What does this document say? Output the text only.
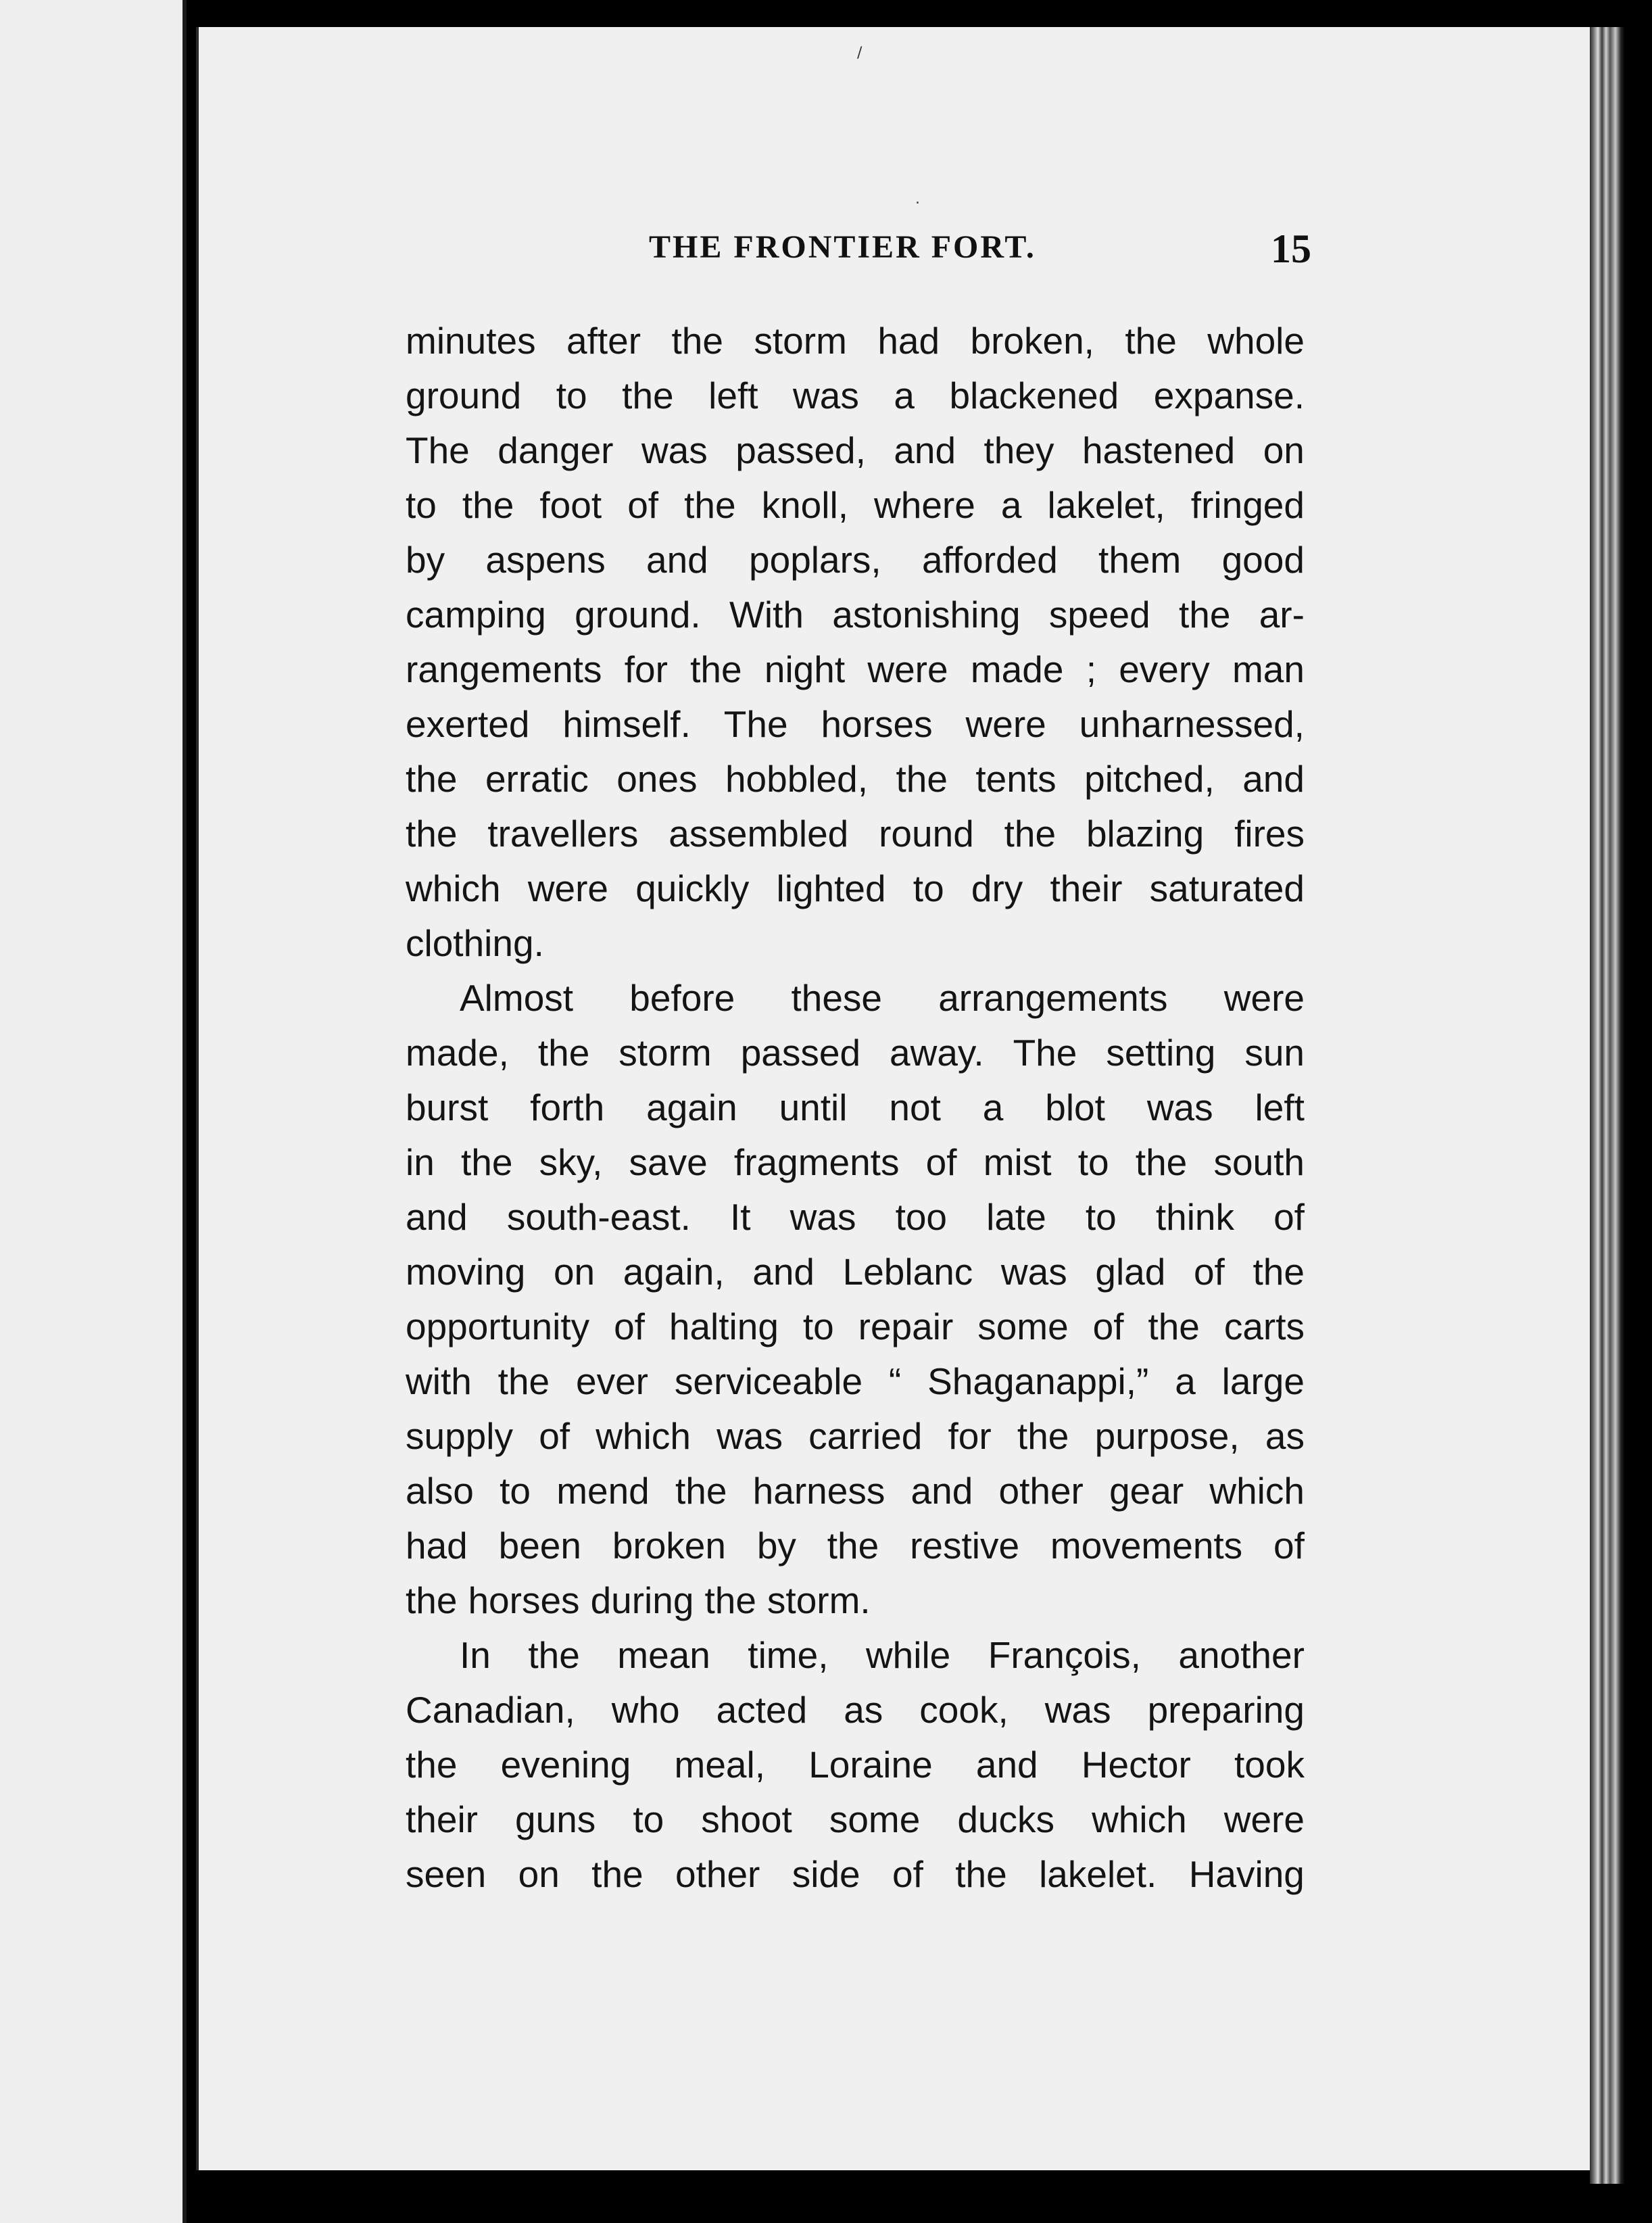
THE FRONTIER FORT.	15
minutes after the storm had broken, the whole
ground to the left was a blackened expanse.
The danger was passed, and they hastened on
to the foot of the knoll, where a lakelet, fringed
by aspens and poplars, afforded them good
camping ground. With astonishing speed the ar-
rangements for the night were made ; every man
exerted himself. The horses were unharnessed,
the erratic ones hobbled, the tents pitched, and
the travellers assembled round the blazing fires
which were quickly lighted to dry their saturated
clothing.
Almost before these arrangements were
made, the storm passed away. The setting sun
burst forth again until not a blot was left
in the sky, save fragments of mist to the south
and south-east. It was too late to think of
moving on again, and Leblanc was glad of the
opportunity of halting to repair some of the carts
with the ever serviceable “ Shaganappi,” a large
supply of which was carried for the purpose, as
also to mend the harness and other gear which
had been broken by the restive movements of
the horses during the storm.
In the mean time, while François, another
Canadian, who acted as cook, was preparing
the evening meal, Loraine and Hector took
their guns to shoot some ducks which were
seen on the other side of the lakelet. Having
/
.
